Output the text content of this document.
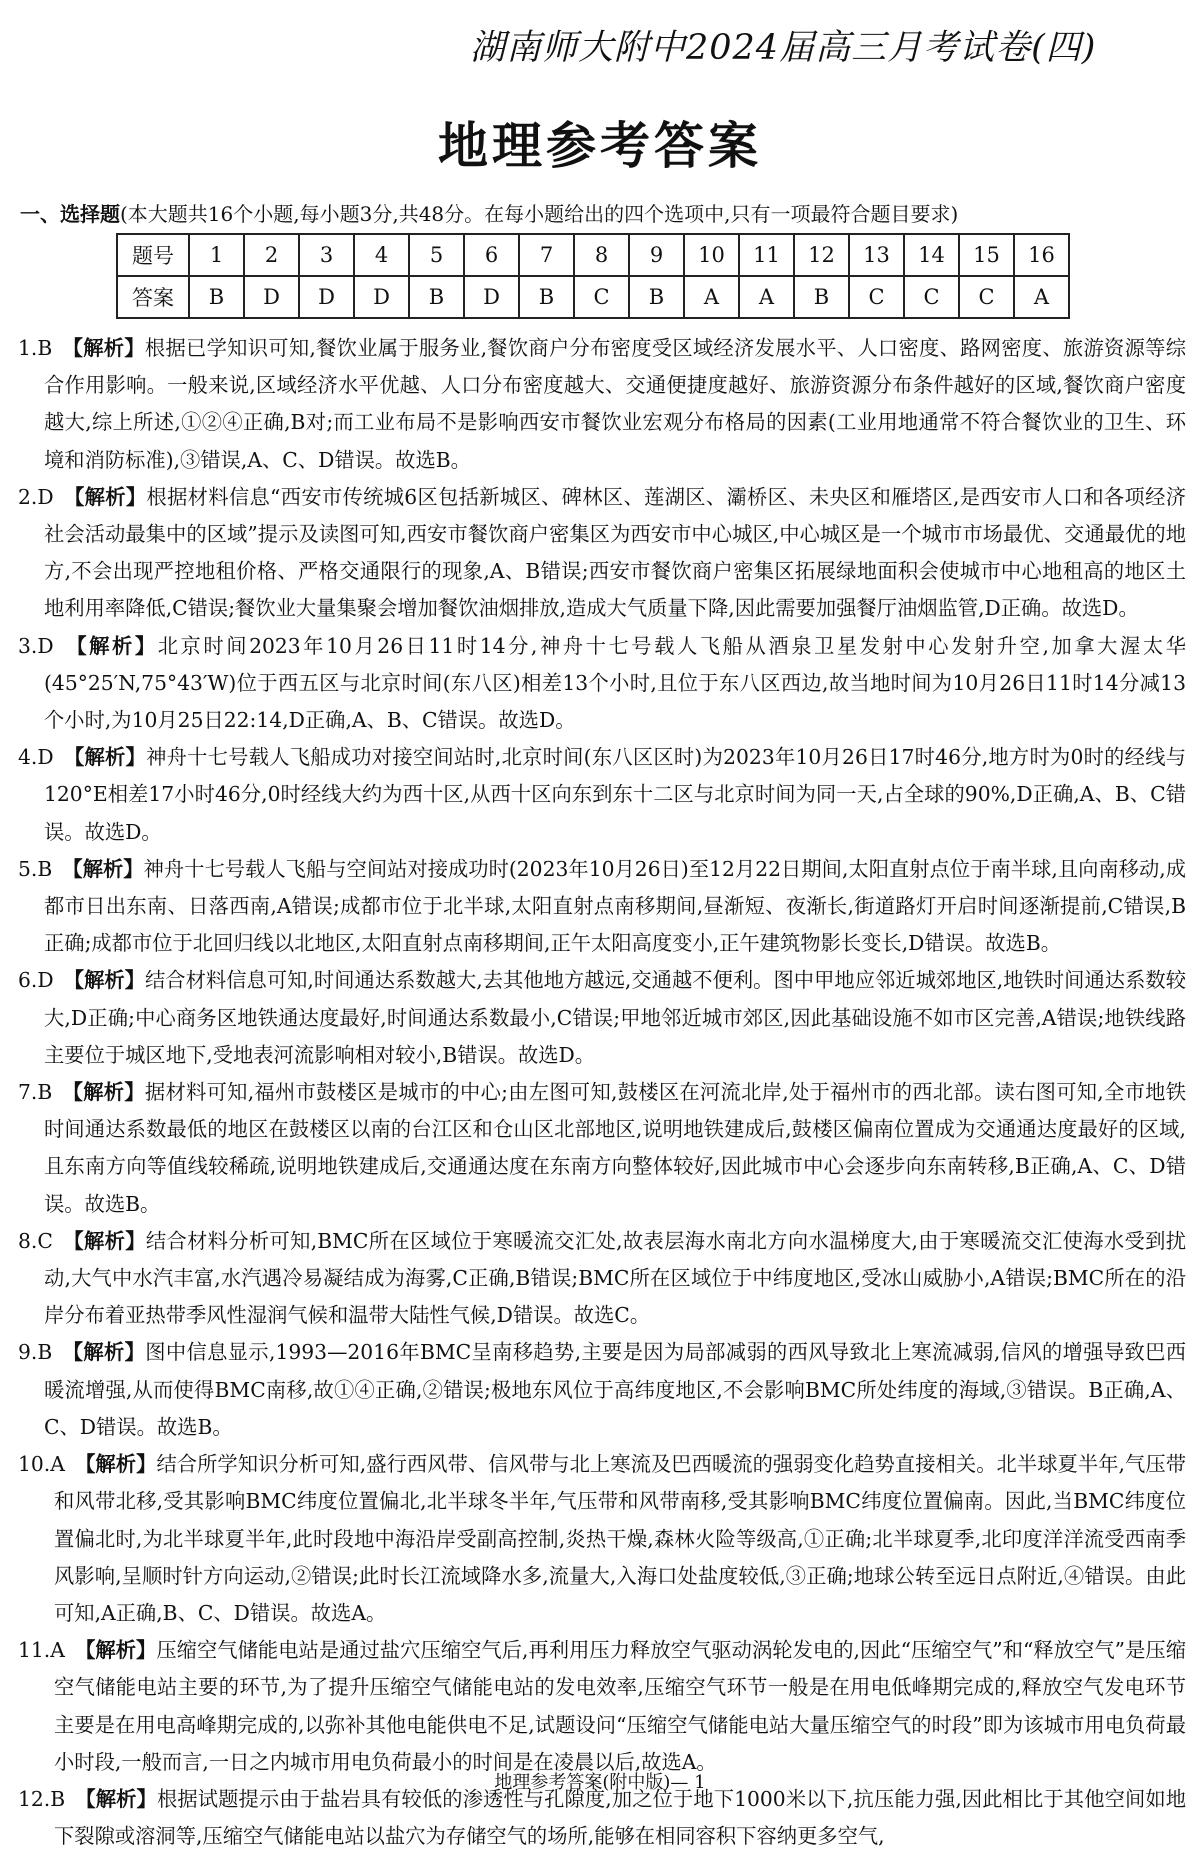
湖南师大附中2024届高三月考试卷(四)
地理参考答案
一、选择题(本大题共16个小题,每小题3分,共48分。在每小题给出的四个选项中,只有一项最符合题目要求)
题号	1	2	3	4	5	6	7	8	9	10	11	12	13	14	15	16
答案	B	D	D	D	B	D	B	C	B	A	A	B	C	C	C	A

1.B  【解析】根据已学知识可知,餐饮业属于服务业,餐饮商户分布密度受区域经济发展水平、人口密度、路网密度、旅游资源等综合作用影响。一般来说,区域经济水平优越、人口分布密度越大、交通便捷度越好、旅游资源分布条件越好的区域,餐饮商户密度越大,综上所述,①②④正确,B对;而工业布局不是影响西安市餐饮业宏观分布格局的因素(工业用地通常不符合餐饮业的卫生、环境和消防标准),③错误,A、C、D错误。故选B。

2.D  【解析】根据材料信息“西安市传统城6区包括新城区、碑林区、莲湖区、灞桥区、未央区和雁塔区,是西安市人口和各项经济社会活动最集中的区域”提示及读图可知,西安市餐饮商户密集区为西安市中心城区,中心城区是一个城市市场最优、交通最优的地方,不会出现严控地租价格、严格交通限行的现象,A、B错误;西安市餐饮商户密集区拓展绿地面积会使城市中心地租高的地区土地利用率降低,C错误;餐饮业大量集聚会增加餐饮油烟排放,造成大气质量下降,因此需要加强餐厅油烟监管,D正确。故选D。

3.D  【解析】北京时间2023年10月26日11时14分,神舟十七号载人飞船从酒泉卫星发射中心发射升空,加拿大渥太华(45°25′N,75°43′W)位于西五区与北京时间(东八区)相差13个小时,且位于东八区西边,故当地时间为10月26日11时14分减13个小时,为10月25日22:14,D正确,A、B、C错误。故选D。

4.D  【解析】神舟十七号载人飞船成功对接空间站时,北京时间(东八区区时)为2023年10月26日17时46分,地方时为0时的经线与120°E相差17小时46分,0时经线大约为西十区,从西十区向东到东十二区与北京时间为同一天,占全球的90%,D正确,A、B、C错误。故选D。

5.B  【解析】神舟十七号载人飞船与空间站对接成功时(2023年10月26日)至12月22日期间,太阳直射点位于南半球,且向南移动,成都市日出东南、日落西南,A错误;成都市位于北半球,太阳直射点南移期间,昼渐短、夜渐长,街道路灯开启时间逐渐提前,C错误,B正确;成都市位于北回归线以北地区,太阳直射点南移期间,正午太阳高度变小,正午建筑物影长变长,D错误。故选B。

6.D  【解析】结合材料信息可知,时间通达系数越大,去其他地方越远,交通越不便利。图中甲地应邻近城郊地区,地铁时间通达系数较大,D正确;中心商务区地铁通达度最好,时间通达系数最小,C错误;甲地邻近城市郊区,因此基础设施不如市区完善,A错误;地铁线路主要位于城区地下,受地表河流影响相对较小,B错误。故选D。

7.B  【解析】据材料可知,福州市鼓楼区是城市的中心;由左图可知,鼓楼区在河流北岸,处于福州市的西北部。读右图可知,全市地铁时间通达系数最低的地区在鼓楼区以南的台江区和仓山区北部地区,说明地铁建成后,鼓楼区偏南位置成为交通通达度最好的区域,且东南方向等值线较稀疏,说明地铁建成后,交通通达度在东南方向整体较好,因此城市中心会逐步向东南转移,B正确,A、C、D错误。故选B。

8.C  【解析】结合材料分析可知,BMC所在区域位于寒暖流交汇处,故表层海水南北方向水温梯度大,由于寒暖流交汇使海水受到扰动,大气中水汽丰富,水汽遇冷易凝结成为海雾,C正确,B错误;BMC所在区域位于中纬度地区,受冰山威胁小,A错误;BMC所在的沿岸分布着亚热带季风性湿润气候和温带大陆性气候,D错误。故选C。

9.B  【解析】图中信息显示,1993—2016年BMC呈南移趋势,主要是因为局部减弱的西风导致北上寒流减弱,信风的增强导致巴西暖流增强,从而使得BMC南移,故①④正确,②错误;极地东风位于高纬度地区,不会影响BMC所处纬度的海域,③错误。B正确,A、C、D错误。故选B。

10.A  【解析】结合所学知识分析可知,盛行西风带、信风带与北上寒流及巴西暖流的强弱变化趋势直接相关。北半球夏半年,气压带和风带北移,受其影响BMC纬度位置偏北,北半球冬半年,气压带和风带南移,受其影响BMC纬度位置偏南。因此,当BMC纬度位置偏北时,为北半球夏半年,此时段地中海沿岸受副高控制,炎热干燥,森林火险等级高,①正确;北半球夏季,北印度洋洋流受西南季风影响,呈顺时针方向运动,②错误;此时长江流域降水多,流量大,入海口处盐度较低,③正确;地球公转至远日点附近,④错误。由此可知,A正确,B、C、D错误。故选A。

11.A  【解析】压缩空气储能电站是通过盐穴压缩空气后,再利用压力释放空气驱动涡轮发电的,因此“压缩空气”和“释放空气”是压缩空气储能电站主要的环节,为了提升压缩空气储能电站的发电效率,压缩空气环节一般是在用电低峰期完成的,释放空气发电环节主要是在用电高峰期完成的,以弥补其他电能供电不足,试题设问“压缩空气储能电站大量压缩空气的时段”即为该城市用电负荷最小时段,一般而言,一日之内城市用电负荷最小的时间是在凌晨以后,故选A。

12.B  【解析】根据试题提示由于盐岩具有较低的渗透性与孔隙度,加之位于地下1000米以下,抗压能力强,因此相比于其他空间如地下裂隙或溶洞等,压缩空气储能电站以盐穴为存储空气的场所,能够在相同容积下容纳更多空气,

地理参考答案(附中版)— 1
